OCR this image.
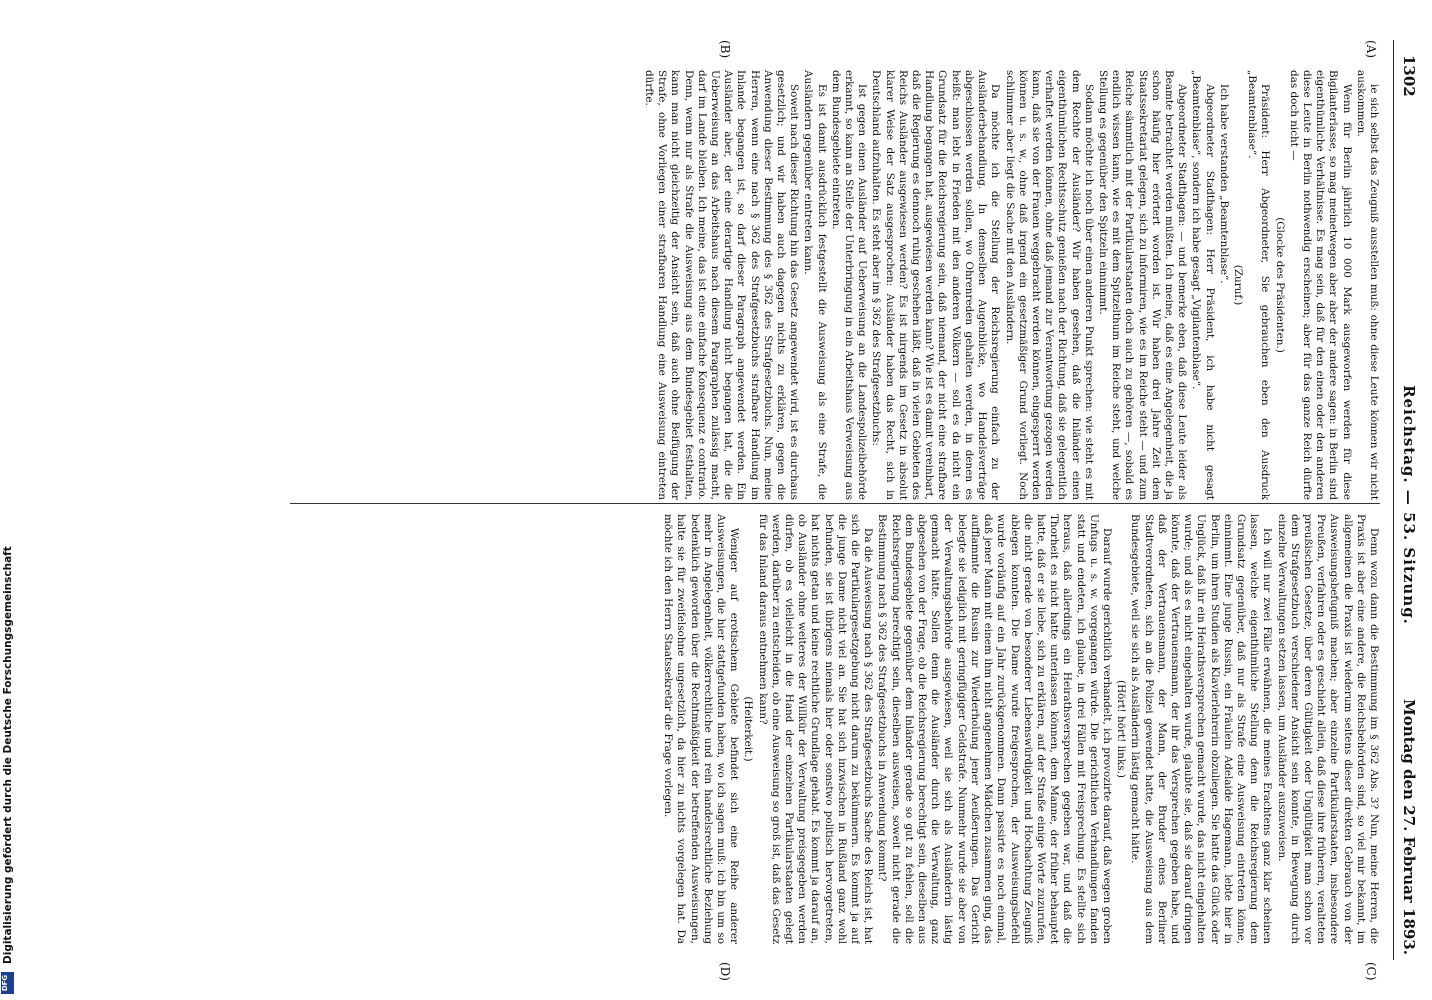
1302
Reichstag. — 53. Sitzung.
Montag den 27. Februar 1893.
(A)
(B)
(C)
(D)

ie sich selbst das Zeugniß ausstellen muß: ohne diese Leute können wir nicht auskommen.

Wenn für Berlin jährlich 10 000 Mark ausgeworfen werden für diese Bigilanterlasse, so mag meinetwegen aber aber der andere sagen: in Berlin sind eigenthümliche Verhältnisse. Es mag sein, daß für den einen oder den anderen diese Leute in Berlin nothwendig erscheinen; aber für das ganze Reich dürfte das doch nicht —

(Glocke des Präsidenten.)

Präsident: Herr Abgeordneter, Sie gebrauchen eben den Ausdruck „Beamtenblase“.

(Zuruf.)

Ich habe verstanden „Beamtenblase“.

Abgeordneter Stadthagen: Herr Präsident, ich habe nicht gesagt „Beamtenblase“, sondern ich habe gesagt „Vigilantenblase“.

Abgeordneter Stadthagen: — und bemerke eben, daß diese Leute leider als Beamte betrachtet werden müßten. Ich meine, daß es eine Angelegenheit, die ja schon häufig hier erörtert worden ist. Wir haben drei Jahre Zeit dem Staatssekretariat gelegen, sich zu informiren, wie es im Reiche steht — und zum Reiche sämmtlich mit der Partikularstaaten doch auch zu gehören —, sobald es endlich wissen kann, wie es mit dem Spitzelthum im Reiche steht, und welche Stellung es gegenüber den Spitzeln einnimmt.

Sodann möchte ich noch über einen anderen Punkt sprechen: wie steht es mit dem Rechte der Ausländer? Wir haben gesehen, daß die Inländer einen eigenthümlichen Rechtsschutz genießen nach der Richtung, daß sie gelegentlich verhaftet werden können, ohne daß jemand zur Verantwortung gezogen werden kann, daß sie von der Frauen weggebracht werden können, eingesperrt werden können u. s. w., ohne daß irgend ein gesetzmäßiger Grund vorliegt. Noch schlimmer aber liegt die Sache mit den Ausländern.

Da möchte ich die Stellung der Reichsregierung einfach zu der Ausländerbehandlung. In demselben Augenblicke, wo Handelsverträge abgeschlossen werden sollen, wo Ohrenreden gehalten werden, in denen es heißt: man lebt in Frieden mit den anderen Völkern — soll es da nicht ein Grundsatz für die Reichsregierung sein, daß niemand, der nicht eine strafbare Handlung begangen hat, ausgewiesen werden kann? Wie ist es damit vereinbart, daß die Regierung es dennoch ruhig geschehen läßt, daß in vielen Gebieten des Reichs Ausländer ausgewiesen werden? Es ist nirgends im Gesetz in absolut klarer Weise der Satz ausgesprochen: Ausländer haben das Recht, sich in Deutschland aufzuhalten. Es steht aber im § 362 des Strafgesetzbuchs:

Ist gegen einen Ausländer auf Ueberweisung an die Landespolizeibehörde erkannt, so kann an Stelle der Unterbringung in ein Arbeitshaus Verweisung aus dem Bundesgebiete eintreten.

Es ist damit ausdrücklich festgestellt die Ausweisung als eine Strafe, die Ausländern gegenüber eintreten kann.

Soweit nach dieser Richtung hin das Gesetz angewendet wird, ist es durchaus gesetzlich; und wir haben auch dagegen nichts zu erklären, gegen die Anwendung dieser Bestimmung des § 362 des Strafgesetzbuchs. Nun, meine Herren, wenn eine nach § 362 des Strafgesetzbuchs strafbare Handlung im Inlande begangen ist, so darf dieser Paragraph angewendet werden. Ein Ausländer aber, der eine derartige Handlung nicht begangen hat, die die Ueberweisung an das Arbeitshaus nach diesem Paragraphen zulässig macht, darf im Lande bleiben. Ich meine, das ist eine einfache Konsequenz e contrario. Denn, wenn nur als Strafe die Ausweisung aus dem Bundesgebiet festhalten, kann man nicht gleichzeitig der Ansicht sein, daß auch ohne Beifügung der Strafe, ohne Vorliegen einer strafbaren Handlung eine Ausweisung eintreten dürfte.

Denn wozu dann die Bestimmung im § 362 Abs. 3? Nun, meine Herren, die Praxis ist aber eine andere, die Reichsbehörden sind, so viel mir bekannt, im allgemeinen die Praxis ist wiederum seitens dieser direkten Gebrauch von der Ausweisungsbefugniß machen; aber einzelne Partikularstaaten, insbesondere Preußen, verfahren oder es geschieht allein, daß diese ihre früheren, veralteten preußischen Gesetze, über deren Gültigkeit oder Ungültigkeit man schon vor dem Strafgesetzbuch verschiedener Ansicht sein konnte, in Bewegung durch einzelne Verwaltungen setzen lassen, um Ausländer auszuweisen.

Ich will nur zwei Fälle erwähnen, die meines Erachtens ganz klar scheinen lassen, welche eigenthümliche Stellung denn die Reichsregierung dem Grundsatz gegenüber, daß nur als Strafe eine Ausweisung eintreten könne, einnimmt. Eine junge Russin, ein Fräulein Adelaide Hagemann, lebte hier in Berlin, um ihren Studien als Klavierlehrerin obzuliegen. Sie hatte das Glück oder Unglück, daß ihr ein Heirathsversprechen gemacht wurde, das nicht eingehalten wurde; und als es nicht eingehalten wurde, glaubte sie, daß sie darauf dringen könnte, daß der Vertrauensmann, der ihr das Versprechen gegeben habe, und daß der Vertrauensmann, der Mann, der Bruder eines Berliner Stadtverordneten, sich an die Polizei gewendet hatte, die Ausweisung aus dem Bundesgebiete, weil sie sich als Ausländerin lästig gemacht hätte.

(Hört! hört! links.)

Darauf wurde gerichtlich verhandelt, ich provozirte darauf, daß wegen groben Unfugs u. s. w. vorgegangen würde. Die gerichtlichen Verhandlungen fanden statt und endeten, ich glaube, in drei Fällen mit Freisprechung. Es stellte sich heraus, daß allerdings ein Heirathsversprechen gegeben war, und daß die Thorheit es nicht hatte unterlassen können, dem Manne, der früher behauptet hatte, daß er sie liebe, sich zu erklären, auf der Straße einige Worte zuzurufen, die nicht gerade von besonderer Liebenswürdigkeit und Hochachtung Zeugniß ablegen konnten. Die Dame wurde freigesprochen, der Ausweisungsbefehl wurde vorläufig auf ein Jahr zurückgenommen. Dann passirte es noch einmal, daß jener Mann mit einem ihm nicht angenehmen Mädchen zusammen ging, das aufflammte die Russin zur Wiederholung jener Aeußerungen. Das Gericht belegte sie lediglich mit geringfügiger Geldstrafe. Nunmehr wurde sie aber von der Verwaltungsbehörde ausgewiesen, weil sie sich als Ausländerin lästig gemacht hätte. Sollen denn die Ausländer durch die Verwaltung, ganz abgesehen von der Frage, ob die Reichsregierung berechtigt sein, dieselben aus dem Bundesgebiete gegenüber dem Inländer gerade so gut zu fehlen, soll die Reichsregierung berechtigt sein, dieselben ausweisen, soweit nicht gerade die Bestimmung nach § 362 des Strafgesetzbuchs in Anwendung kommt?

Da die Ausweisung nach § 362 des Strafgesetzbuchs Sache des Reichs ist, hat sich die Partikulargesetzgebung nicht darum zu bekümmern. Es kommt ja auf die junge Dame nicht viel an. Sie hat sich inzwischen in Rußland ganz wohl befunden, sie ist übrigens niemals hier oder sonstwo politisch hervorgetreten, hat nichts getan und keine rechtliche Grundlage gehabt. Es kommt ja darauf an, ob Ausländer ohne weiteres der Willkür der Verwaltung preisgegeben werden dürfen, ob es vielleicht in die Hand der einzelnen Partikularstaaten gelegt werden, darüber zu entscheiden, ob eine Ausweisung so groß ist, daß das Gesetz für das Inland daraus entnehmen kann?

(Heiterkeit.)

Weniger auf erotischem Gebiete befindet sich eine Reihe anderer Ausweisungen, die hier stattgefunden haben, wo ich sagen muß: ich bin um so mehr in Angelegenheit, völkerrechtliche und rein handelsrechtliche Beziehung bedenklich geworden über die Rechtmäßigkeit der betreffenden Ausweisungen, halte sie für zweifelsohne ungesetzlich, da hier zu nichts vorgelegen hat. Da möchte ich den Herrn Staatssekretär die Frage vorlegen.

Digitalisierung gefördert durch die Deutsche Forschungsgemeinschaft
DFG
